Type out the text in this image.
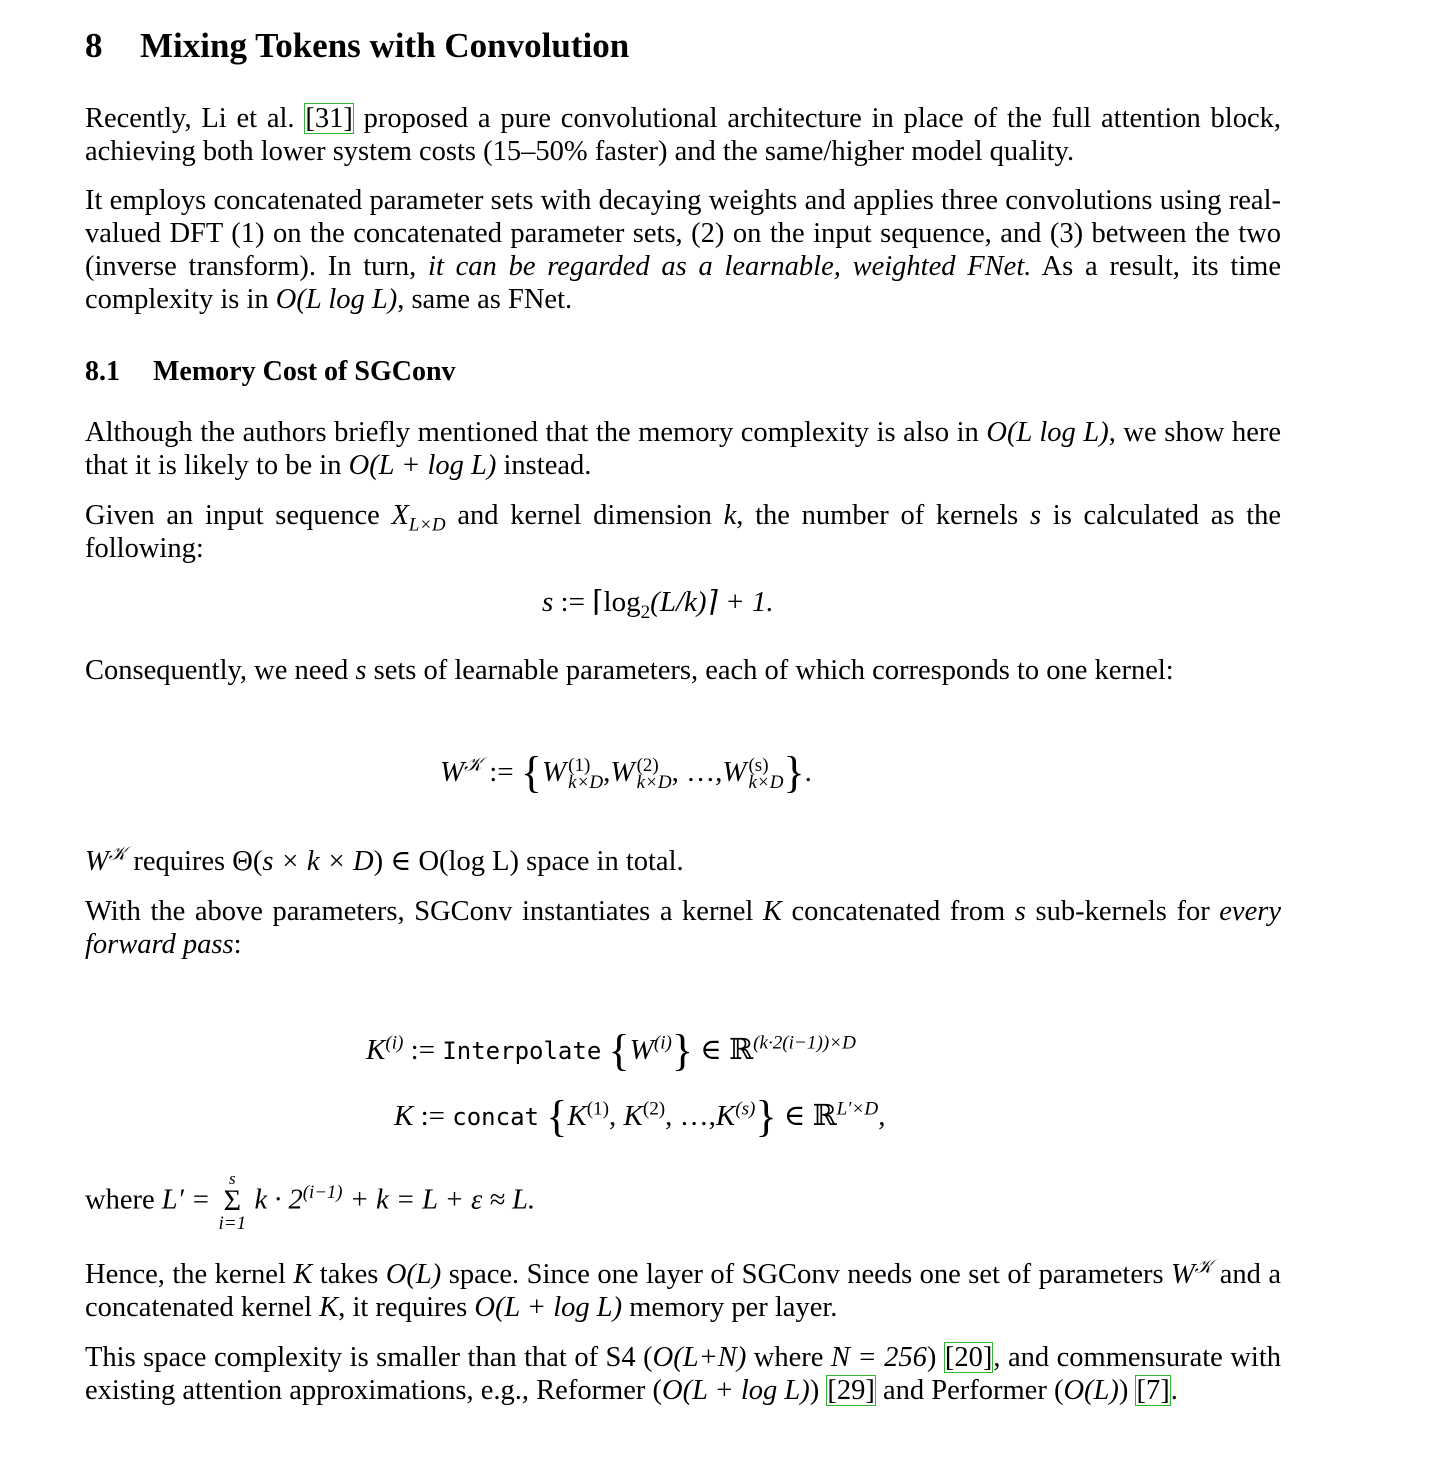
8 Mixing Tokens with Convolution
Recently, Li et al. [31] proposed a pure convolutional architecture in place of the full attention block, achieving both lower system costs (15–50% faster) and the same/higher model quality.
It employs concatenated parameter sets with decaying weights and applies three convolutions using real-valued DFT (1) on the concatenated parameter sets, (2) on the input sequence, and (3) between the two (inverse transform). In turn, it can be regarded as a learnable, weighted FNet. As a result, its time complexity is in O(L log L), same as FNet.
8.1 Memory Cost of SGConv
Although the authors briefly mentioned that the memory complexity is also in O(L log L), we show here that it is likely to be in O(L + log L) instead.
Given an input sequence $X_{L\times D}$ and kernel dimension k, the number of kernels s is calculated as the following:
s := $⌈\log_2(L/k)⌉ + 1$.
Consequently, we need s sets of learnable parameters, each of which corresponds to one kernel:
$W^𝒦$ := {W (1)
k×D ,W (2)
k×D , …,W (s)
k×D }.
$W^𝒦$ requires Θ(s × k × D) ∈ O(log L) space in total.
With the above parameters, SGConv instantiates a kernel K concatenated from s sub-kernels for every forward pass:
$K^{(i)}$ := Interpolate $\{W^{(i)}\}$ ∈ ℝ$^{(k\cdot 2(i-1))\times D}$
K := concat {$K^{(1)}$, $K^{(2)}$, $\dots,K^{(s)}$} ∈ ℝ$^{L'\times D}$,
where L′ =
s
Σ
i=1
$k \cdot 2^{(i-1)} + k = L + \varepsilon \approx L$.
Hence, the kernel K takes O(L) space. Since one layer of SGConv needs one set of parameters $W^𝒦$ and a concatenated kernel K, it requires O(L + log L) memory per layer.
This space complexity is smaller than that of S4 (O(L+N) where N = 256) [20], and commensurate with existing attention approximations, e.g., Reformer (O(L + log L)) [29] and Performer (O(L)) [7].
